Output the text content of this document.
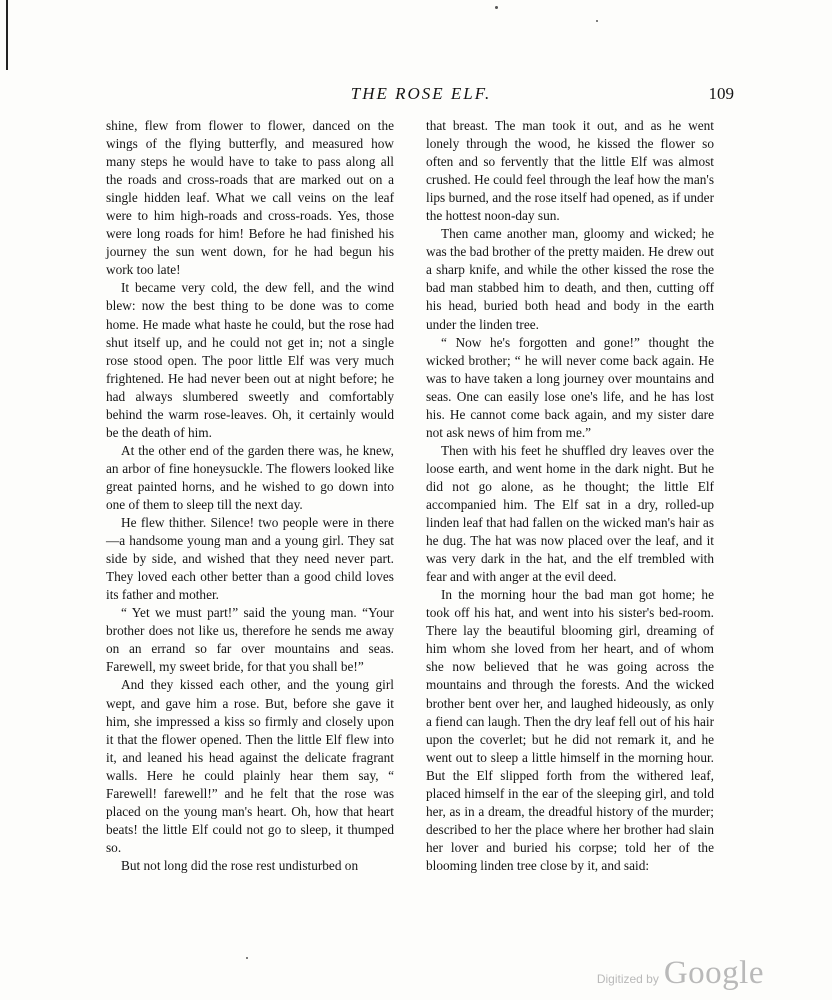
THE ROSE ELF.	109

shine, flew from flower to flower, danced on the wings of the flying butterfly, and measured how many steps he would have to take to pass along all the roads and cross-roads that are marked out on a single hidden leaf. What we call veins on the leaf were to him high-roads and cross-roads. Yes, those were long roads for him! Before he had finished his journey the sun went down, for he had begun his work too late!

It became very cold, the dew fell, and the wind blew: now the best thing to be done was to come home. He made what haste he could, but the rose had shut itself up, and he could not get in; not a single rose stood open. The poor little Elf was very much frightened. He had never been out at night before; he had always slumbered sweetly and comfortably behind the warm rose-leaves. Oh, it certainly would be the death of him.

At the other end of the garden there was, he knew, an arbor of fine honeysuckle. The flowers looked like great painted horns, and he wished to go down into one of them to sleep till the next day.

He flew thither. Silence! two people were in there—a handsome young man and a young girl. They sat side by side, and wished that they need never part. They loved each other better than a good child loves its father and mother.

“ Yet we must part!” said the young man. “Your brother does not like us, therefore he sends me away on an errand so far over mountains and seas. Farewell, my sweet bride, for that you shall be!”

And they kissed each other, and the young girl wept, and gave him a rose. But, before she gave it him, she impressed a kiss so firmly and closely upon it that the flower opened. Then the little Elf flew into it, and leaned his head against the delicate fragrant walls. Here he could plainly hear them say, “ Farewell! farewell!” and he felt that the rose was placed on the young man's heart. Oh, how that heart beats! the little Elf could not go to sleep, it thumped so.

But not long did the rose rest undisturbed on

that breast. The man took it out, and as he went lonely through the wood, he kissed the flower so often and so fervently that the little Elf was almost crushed. He could feel through the leaf how the man's lips burned, and the rose itself had opened, as if under the hottest noon-day sun.

Then came another man, gloomy and wicked; he was the bad brother of the pretty maiden. He drew out a sharp knife, and while the other kissed the rose the bad man stabbed him to death, and then, cutting off his head, buried both head and body in the earth under the linden tree.

“ Now he's forgotten and gone!” thought the wicked brother; “ he will never come back again. He was to have taken a long journey over mountains and seas. One can easily lose one's life, and he has lost his. He cannot come back again, and my sister dare not ask news of him from me.”

Then with his feet he shuffled dry leaves over the loose earth, and went home in the dark night. But he did not go alone, as he thought; the little Elf accompanied him. The Elf sat in a dry, rolled-up linden leaf that had fallen on the wicked man's hair as he dug. The hat was now placed over the leaf, and it was very dark in the hat, and the elf trembled with fear and with anger at the evil deed.

In the morning hour the bad man got home; he took off his hat, and went into his sister's bed-room. There lay the beautiful blooming girl, dreaming of him whom she loved from her heart, and of whom she now believed that he was going across the mountains and through the forests. And the wicked brother bent over her, and laughed hideously, as only a fiend can laugh. Then the dry leaf fell out of his hair upon the coverlet; but he did not remark it, and he went out to sleep a little himself in the morning hour. But the Elf slipped forth from the withered leaf, placed himself in the ear of the sleeping girl, and told her, as in a dream, the dreadful history of the murder; described to her the place where her brother had slain her lover and buried his corpse; told her of the blooming linden tree close by it, and said:

Digitized by Google
